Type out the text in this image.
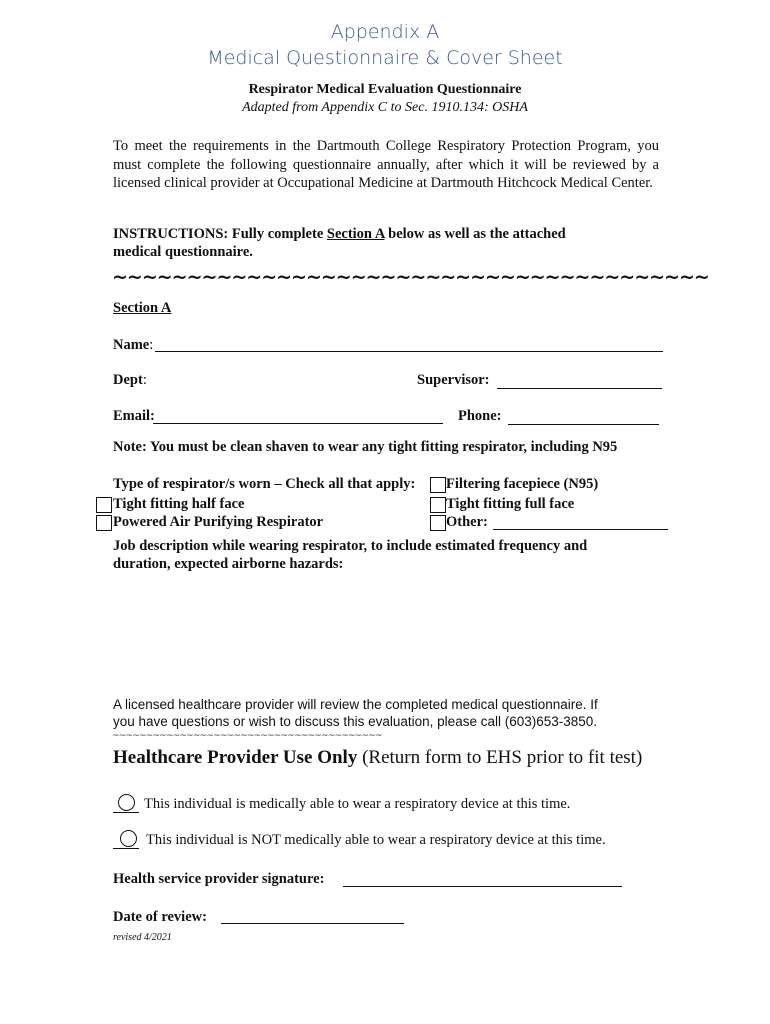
Appendix A
Medical Questionnaire & Cover Sheet
Respirator Medical Evaluation Questionnaire
Adapted from Appendix C to Sec. 1910.134: OSHA
To meet the requirements in the Dartmouth College Respiratory Protection Program, you must complete the following questionnaire annually, after which it will be reviewed by a licensed clinical provider at Occupational Medicine at Dartmouth Hitchcock Medical Center.
INSTRUCTIONS: Fully complete Section A below as well as the attached
medical questionnaire.
~~~~~~~~~~~~~~~~~~~~~~~~~~~~~~~~~~~~~~~~
Section A
Name:
Dept:	Supervisor:
Email:	Phone:
Note: You must be clean shaven to wear any tight fitting respirator, including N95
Type of respirator/s worn – Check all that apply: Filtering facepiece (N95)
Tight fitting half face	Tight fitting full face
Powered Air Purifying Respirator	Other:
Job description while wearing respirator, to include estimated frequency and
duration, expected airborne hazards:
A licensed healthcare provider will review the completed medical questionnaire. If
you have questions or wish to discuss this evaluation, please call (603)653-3850.
~~~~~~~~~~~~~~~~~~~~~~~~~~~~~~~~~~~~~~~~
Healthcare Provider Use Only (Return form to EHS prior to fit test)
This individual is medically able to wear a respiratory device at this time.
This individual is NOT medically able to wear a respiratory device at this time.
Health service provider signature:
Date of review:
revised 4/2021
